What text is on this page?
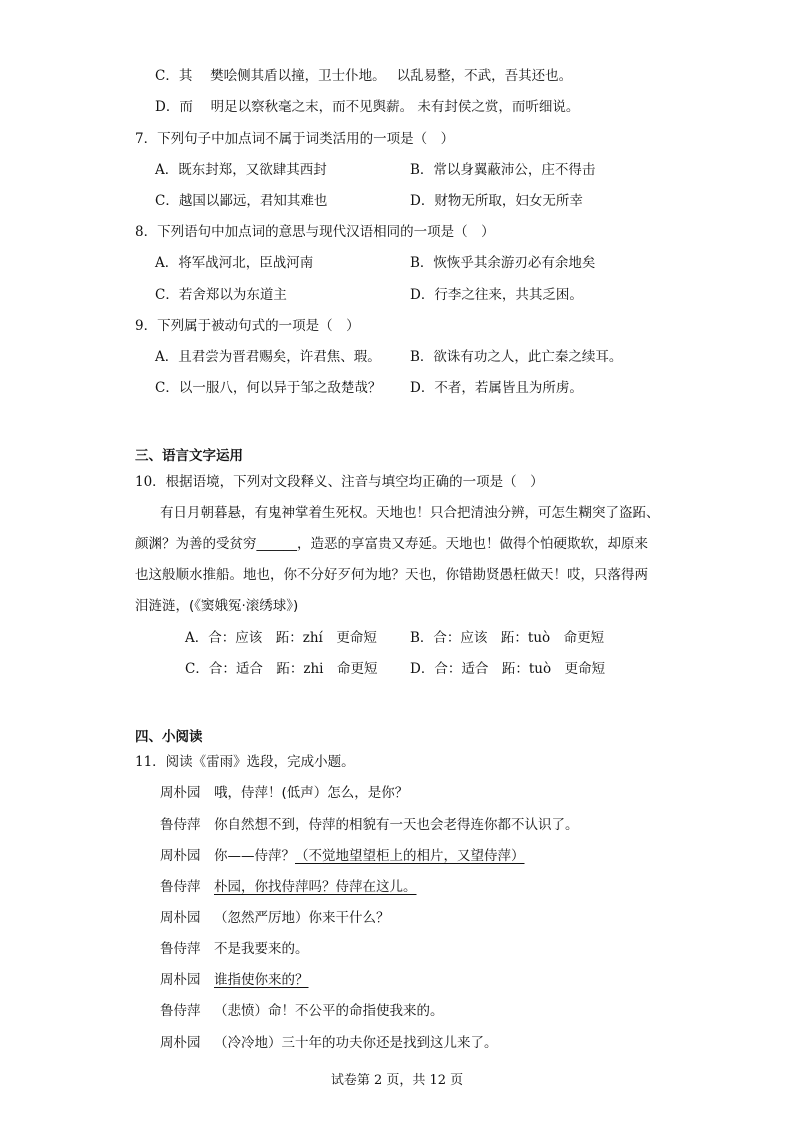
C．其　 樊哙侧其盾以撞，卫士仆地。　 以乱易整，不武，吾其还也。
D．而　 明足以察秋毫之末，而不见舆薪。 未有封侯之赏，而听细说。
7．下列句子中加点词不属于词类活用的一项是（　）
A．既东封郑，又欲肆其西封	B．常以身翼蔽沛公，庄不得击
C．越国以鄙远，君知其难也	D．财物无所取，妇女无所幸
8．下列语句中加点词的意思与现代汉语相同的一项是（　）
A．将军战河北，臣战河南	B．恢恢乎其余游刃必有余地矣
C．若舍郑以为东道主	D．行李之往来，共其乏困。
9．下列属于被动句式的一项是（　）
A．且君尝为晋君赐矣，许君焦、瑕。 B．欲诛有功之人，此亡秦之续耳。
C．以一服八，何以异于邹之敌楚哉？ D．不者，若属皆且为所虏。
三、语言文字运用
10．根据语境，下列对文段释义、注音与填空均正确的一项是（　）
有日月朝暮悬，有鬼神掌着生死权。天地也！只合把清浊分辨，可怎生糊突了盗跖、
颜渊？为善的受贫穷______，造恶的享富贵又寿延。天地也！做得个怕硬欺软，却原来
也这般顺水推船。地也，你不分好歹何为地？天也，你错勘贤愚枉做天！哎，只落得两
泪涟涟，(《窦娥冤·滚绣球》)
A．合：应该　跖：zhí　更命短 B．合：应该　跖：tuò　命更短
C．合：适合　跖：zhi　命更短 D．合：适合　跖：tuò　更命短
四、小阅读
11．阅读《雷雨》选段，完成小题。
周朴园 哦，侍萍！(低声）怎么，是你？
鲁侍萍 你自然想不到，侍萍的相貌有一天也会老得连你都不认识了。
周朴园 你——侍萍？（不觉地望望柜上的相片，又望侍萍）
鲁侍萍 朴园，你找侍萍吗？侍萍在这儿。
周朴园 （忽然严厉地）你来干什么？
鲁侍萍 不是我要来的。
周朴园 谁指使你来的？
鲁侍萍 （悲愤）命！不公平的命指使我来的。
周朴园 （冷冷地）三十年的功夫你还是找到这儿来了。
试卷第 2 页，共 12 页
